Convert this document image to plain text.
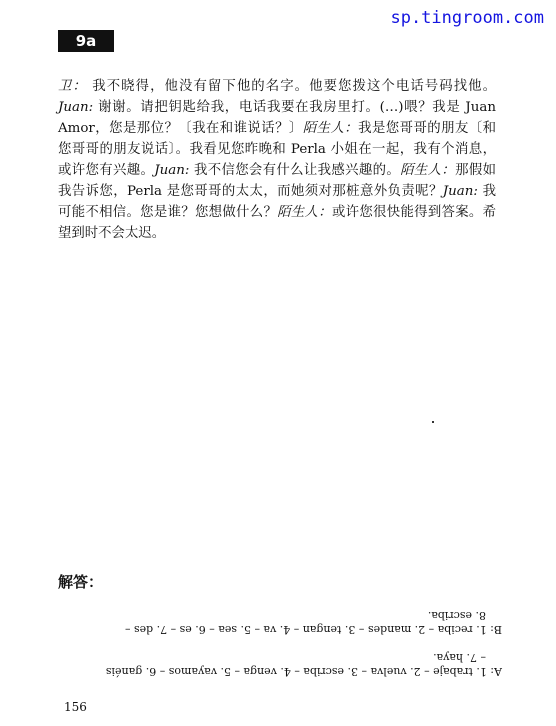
9a
sp.tingroom.com

卫： 我不晓得，他没有留下他的名字。他要您拨这个电话号码找他。Juan: 谢谢。请把钥匙给我，电话我要在我房里打。(…)喂？我是 Juan Amor，您是那位？〔我在和谁说话？〕陌生人：我是您哥哥的朋友〔和您哥哥的朋友说话〕。我看见您昨晚和 Perla 小姐在一起，我有个消息，或许您有兴趣。Juan: 我不信您会有什么让我感兴趣的。陌生人：那假如我告诉您，Perla 是您哥哥的太太，而她须对那桩意外负责呢？Juan: 我可能不相信。您是谁？您想做什么？陌生人：或许您很快能得到答案。希望到时不会太迟。

解答：
A: 1. trabaje – 2. vuelva – 3. escriba – 4. venga – 5. vayamos – 6. ganéis
– 7. haya.
B: 1. reciba – 2. mandes – 3. tengan – 4. va – 5. sea – 6. es – 7. des –
8. escriba.
156
